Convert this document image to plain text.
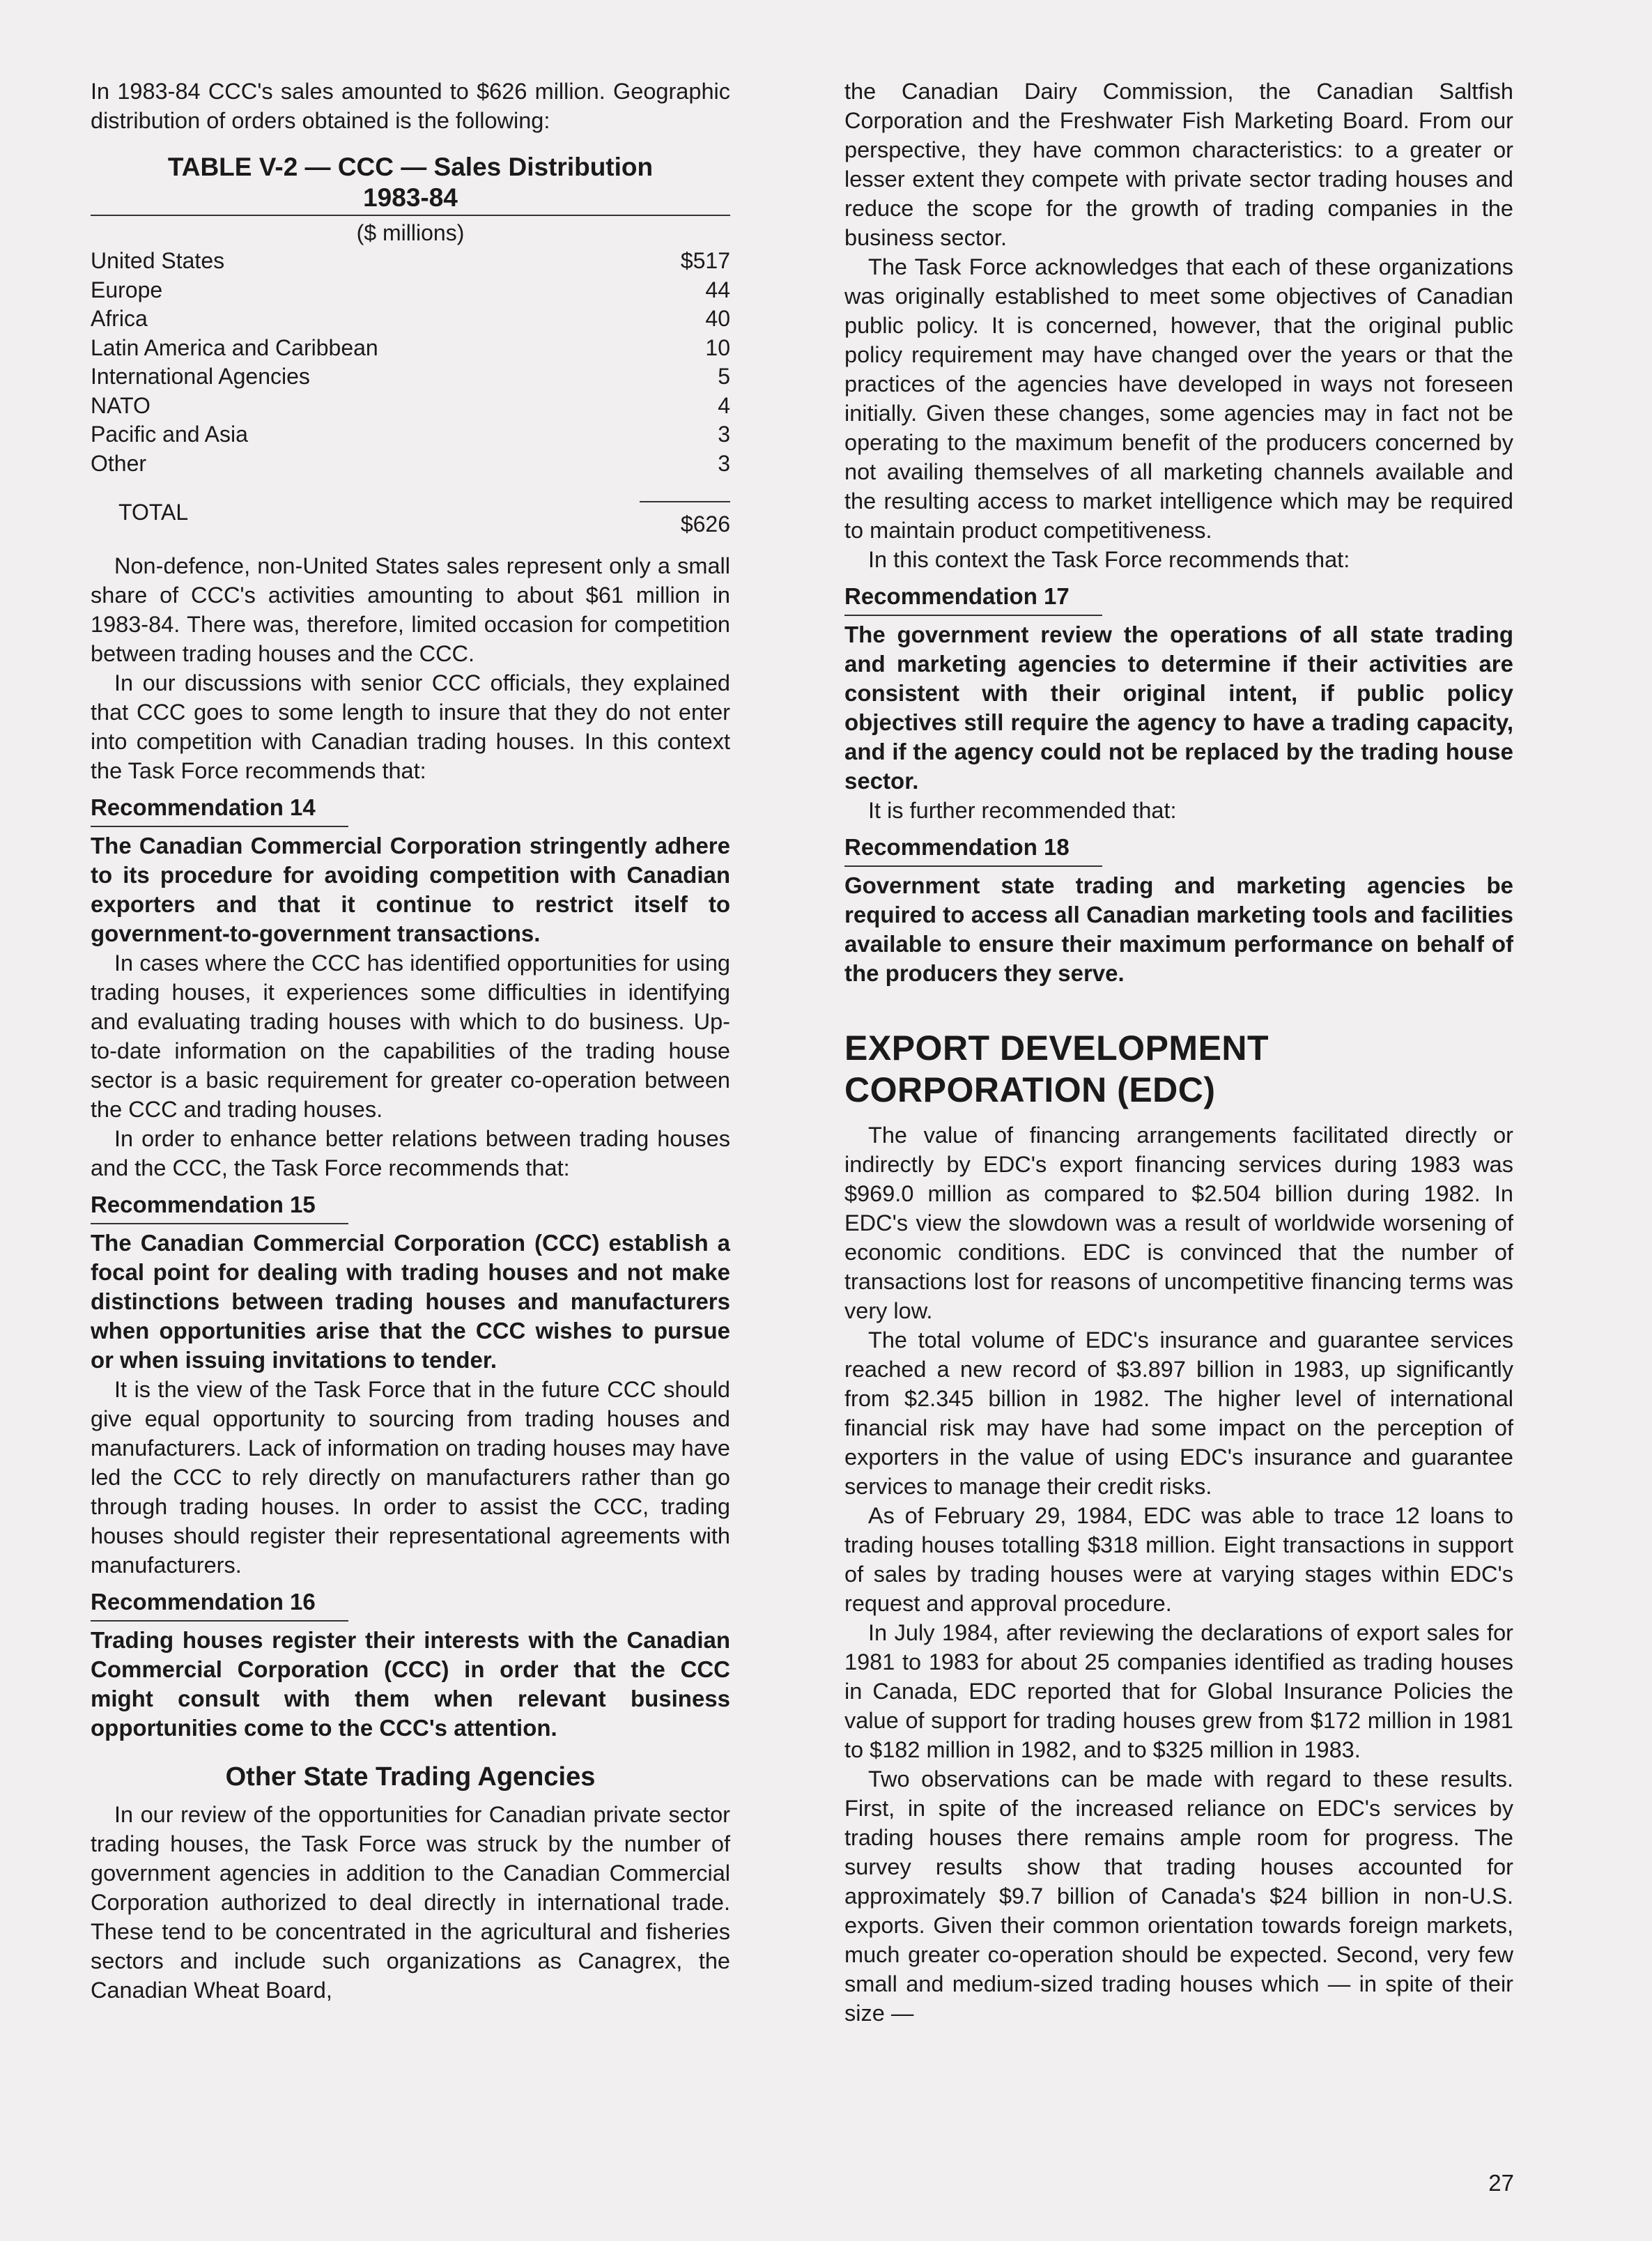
In 1983-84 CCC's sales amounted to $626 million. Geographic distribution of orders obtained is the following:

TABLE V-2 — CCC — Sales Distribution

1983-84

($ millions)
United States	$517
Europe	44
Africa	40
Latin America and Caribbean	10
International Agencies	5
NATO	4
Pacific and Asia	3
Other	3
TOTAL	$626

Non-defence, non-United States sales represent only a small share of CCC's activities amounting to about $61 million in 1983-84. There was, therefore, limited occasion for competition between trading houses and the CCC.

In our discussions with senior CCC officials, they explained that CCC goes to some length to insure that they do not enter into competition with Canadian trading houses. In this context the Task Force recommends that:

Recommendation 14

The Canadian Commercial Corporation stringently adhere to its procedure for avoiding competition with Canadian exporters and that it continue to restrict itself to government-to-government transactions.

In cases where the CCC has identified opportunities for using trading houses, it experiences some difficulties in identifying and evaluating trading houses with which to do business. Up-to-date information on the capabilities of the trading house sector is a basic requirement for greater co-operation between the CCC and trading houses.

In order to enhance better relations between trading houses and the CCC, the Task Force recommends that:

Recommendation 15

The Canadian Commercial Corporation (CCC) establish a focal point for dealing with trading houses and not make distinctions between trading houses and manufacturers when opportunities arise that the CCC wishes to pursue or when issuing invitations to tender.

It is the view of the Task Force that in the future CCC should give equal opportunity to sourcing from trading houses and manufacturers. Lack of information on trading houses may have led the CCC to rely directly on manufacturers rather than go through trading houses. In order to assist the CCC, trading houses should register their representational agreements with manufacturers.

Recommendation 16

Trading houses register their interests with the Canadian Commercial Corporation (CCC) in order that the CCC might consult with them when relevant business opportunities come to the CCC's attention.

Other State Trading Agencies

In our review of the opportunities for Canadian private sector trading houses, the Task Force was struck by the number of government agencies in addition to the Canadian Commercial Corporation authorized to deal directly in international trade. These tend to be concentrated in the agricultural and fisheries sectors and include such organizations as Canagrex, the Canadian Wheat Board,

the Canadian Dairy Commission, the Canadian Saltfish Corporation and the Freshwater Fish Marketing Board. From our perspective, they have common characteristics: to a greater or lesser extent they compete with private sector trading houses and reduce the scope for the growth of trading companies in the business sector.

The Task Force acknowledges that each of these organizations was originally established to meet some objectives of Canadian public policy. It is concerned, however, that the original public policy requirement may have changed over the years or that the practices of the agencies have developed in ways not foreseen initially. Given these changes, some agencies may in fact not be operating to the maximum benefit of the producers concerned by not availing themselves of all marketing channels available and the resulting access to market intelligence which may be required to maintain product competitiveness.

In this context the Task Force recommends that:

Recommendation 17

The government review the operations of all state trading and marketing agencies to determine if their activities are consistent with their original intent, if public policy objectives still require the agency to have a trading capacity, and if the agency could not be replaced by the trading house sector.

It is further recommended that:

Recommendation 18

Government state trading and marketing agencies be required to access all Canadian marketing tools and facilities available to ensure their maximum performance on behalf of the producers they serve.

EXPORT DEVELOPMENT
CORPORATION (EDC)

The value of financing arrangements facilitated directly or indirectly by EDC's export financing services during 1983 was $969.0 million as compared to $2.504 billion during 1982. In EDC's view the slowdown was a result of worldwide worsening of economic conditions. EDC is convinced that the number of transactions lost for reasons of uncompetitive financing terms was very low.

The total volume of EDC's insurance and guarantee services reached a new record of $3.897 billion in 1983, up significantly from $2.345 billion in 1982. The higher level of international financial risk may have had some impact on the perception of exporters in the value of using EDC's insurance and guarantee services to manage their credit risks.

As of February 29, 1984, EDC was able to trace 12 loans to trading houses totalling $318 million. Eight transactions in support of sales by trading houses were at varying stages within EDC's request and approval procedure.

In July 1984, after reviewing the declarations of export sales for 1981 to 1983 for about 25 companies identified as trading houses in Canada, EDC reported that for Global Insurance Policies the value of support for trading houses grew from $172 million in 1981 to $182 million in 1982, and to $325 million in 1983.

Two observations can be made with regard to these results. First, in spite of the increased reliance on EDC's services by trading houses there remains ample room for progress. The survey results show that trading houses accounted for approximately $9.7 billion of Canada's $24 billion in non-U.S. exports. Given their common orientation towards foreign markets, much greater co-operation should be expected. Second, very few small and medium-sized trading houses which — in spite of their size —

27
